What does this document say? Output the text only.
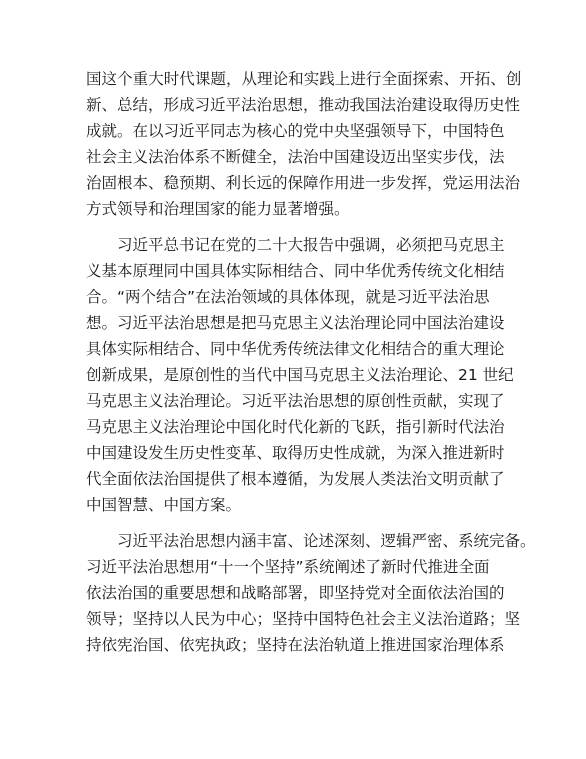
国这个重大时代课题，从理论和实践上进行全面探索、开拓、创
新、总结，形成习近平法治思想，推动我国法治建设取得历史性
成就。在以习近平同志为核心的党中央坚强领导下，中国特色
社会主义法治体系不断健全，法治中国建设迈出坚实步伐，法
治固根本、稳预期、利长远的保障作用进一步发挥，党运用法治
方式领导和治理国家的能力显著增强。
习近平总书记在党的二十大报告中强调，必须把马克思主
义基本原理同中国具体实际相结合、同中华优秀传统文化相结
合。“两个结合”在法治领域的具体体现，就是习近平法治思
想。习近平法治思想是把马克思主义法治理论同中国法治建设
具体实际相结合、同中华优秀传统法律文化相结合的重大理论
创新成果，是原创性的当代中国马克思主义法治理论、21 世纪
马克思主义法治理论。习近平法治思想的原创性贡献，实现了
马克思主义法治理论中国化时代化新的飞跃，指引新时代法治
中国建设发生历史性变革、取得历史性成就，为深入推进新时
代全面依法治国提供了根本遵循，为发展人类法治文明贡献了
中国智慧、中国方案。
习近平法治思想内涵丰富、论述深刻、逻辑严密、系统完备。
习近平法治思想用“十一个坚持”系统阐述了新时代推进全面
依法治国的重要思想和战略部署，即坚持党对全面依法治国的
领导；坚持以人民为中心；坚持中国特色社会主义法治道路；坚
持依宪治国、依宪执政；坚持在法治轨道上推进国家治理体系
